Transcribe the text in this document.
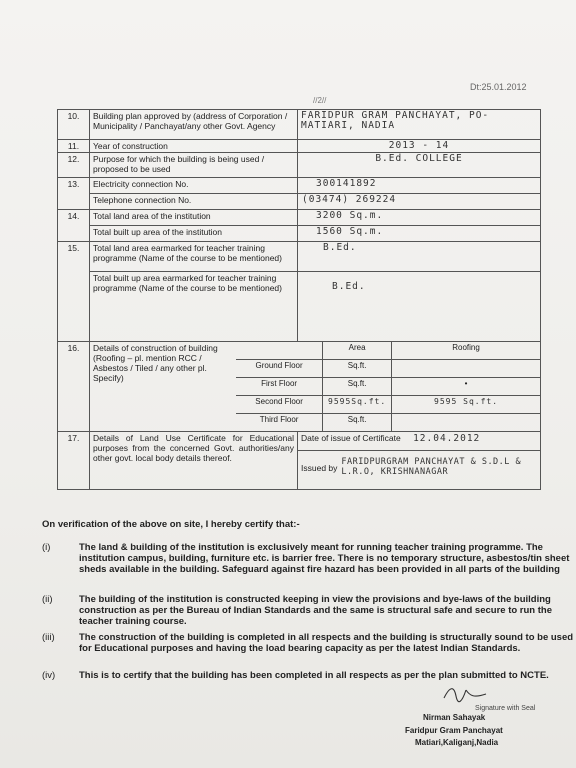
Dt:25.01.2012
//2//
10.	Building plan approved by (address of Corporation / Municipality / Panchayat/any other Govt. Agency	FARIDPUR GRAM PANCHAYAT, PO-MATIARI, NADIA
11.	Year of construction	2013 - 14
12.	Purpose for which the building is being used / proposed to be used	B.Ed. COLLEGE
13.	Electricity connection No.	300141892
Telephone connection No.	(03474) 269224
14.	Total land area of the institution	3200 Sq.m.
Total built up area of the institution	1560 Sq.m.
15.	Total land area earmarked for teacher training programme (Name of the course to be mentioned)	B.Ed.
Total built up area earmarked for teacher training programme (Name of the course to be mentioned)	B.Ed.
16.	Details of construction of building (Roofing – pl. mention RCC / Asbestos / Tiled / any other pl. Specify)
	Area	Roofing
Ground Floor	Sq.ft.	
First Floor	Sq.ft.	•
Second Floor	9595Sq.ft.	9595 Sq.ft.
Third Floor	Sq.ft.	

17.	Details of Land Use Certificate for Educational purposes from the concerned Govt. authorities/any other govt. local body details thereof.	
Date of issue of Certificate 12.04.2012
Issued by
FARIDPURGRAM PANCHAYAT & S.D.L & L.R.O, KRISHNANAGAR
On verification of the above on site, I hereby certify that:-
(i)	The land & building of the institution is exclusively meant for running teacher training programme. The institution campus, building, furniture etc. is barrier free. There is no temporary structure, asbestos/tin sheet sheds available in the building. Safeguard against fire hazard has been provided in all parts of the building
(ii)	The building of the institution is constructed keeping in view the provisions and bye-laws of the building construction as per the Bureau of Indian Standards and the same is structural safe and secure to run the teacher training course.
(iii)	The construction of the building is completed in all respects and the building is structurally sound to be used for Educational purposes and having the load bearing capacity as per the latest Indian Standards.
(iv)	This is to certify that the building has been completed in all respects as per the plan submitted to NCTE.
Signature with Seal
Nirman Sahayak
Faridpur Gram Panchayat
Matiari,Kaliganj,Nadia
